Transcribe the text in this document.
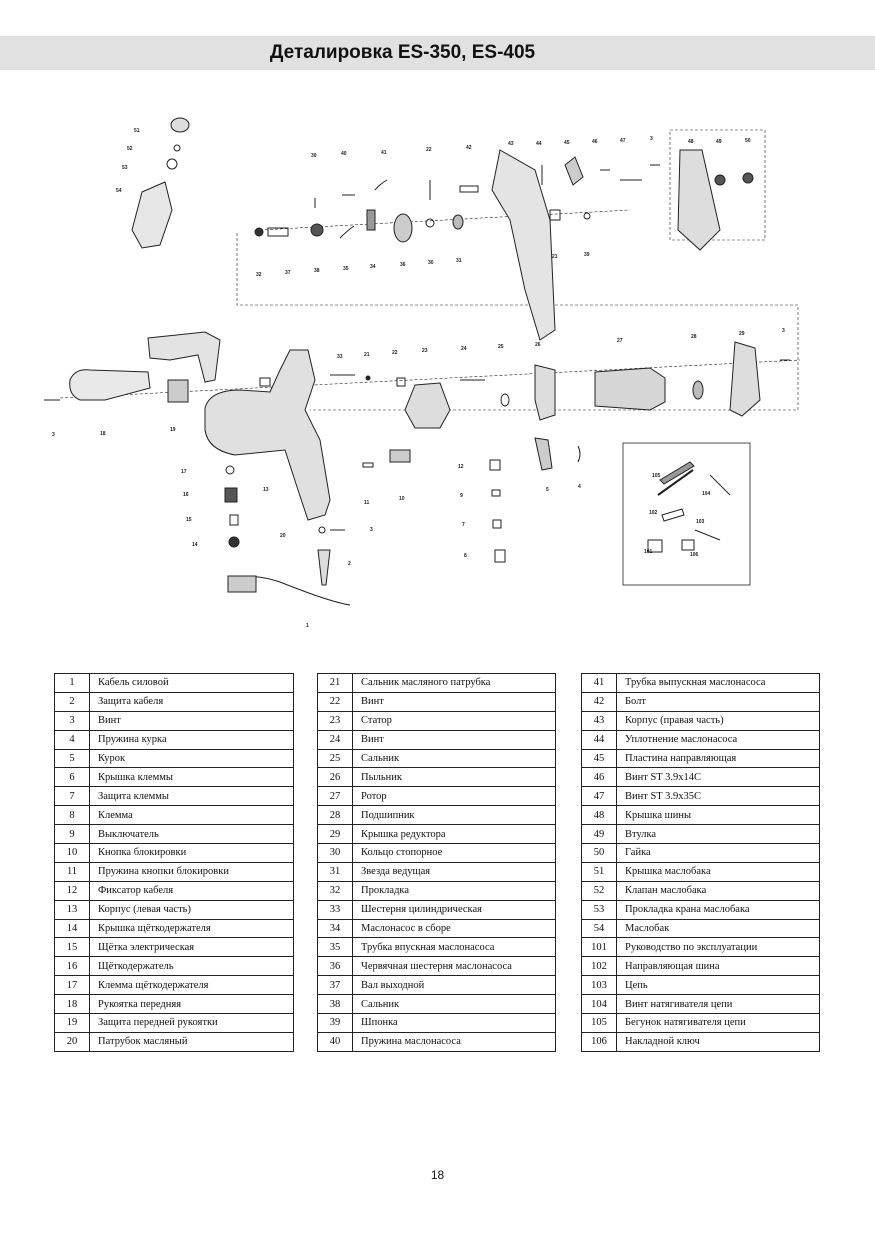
Деталировка ES-350, ES-405
51
52
53
54
30	40	41	22	42
43	44	45	46	47	3	48	49	50
32	37	38	35	34	36	30	31
21	39
33	21	22	23	24	25	26
27
28	29	3
3	18
19
17
16
15
14
13
20
3
2
1
11
10
12
9
7
8
5	4
105
104
102
103
101	106
1	Кабель силовой
2	Защита кабеля
3	Винт
4	Пружина курка
5	Курок
6	Крышка клеммы
7	Защита клеммы
8	Клемма
9	Выключатель
10	Кнопка блокировки
11	Пружина кнопки блокировки
12	Фиксатор кабеля
13	Корпус (левая часть)
14	Крышка щёткодержателя
15	Щётка электрическая
16	Щёткодержатель
17	Клемма щёткодержателя
18	Рукоятка передняя
19	Защита передней рукоятки
20	Патрубок масляный
21	Сальник масляного патрубка
22	Винт
23	Статор
24	Винт
25	Сальник
26	Пыльник
27	Ротор
28	Подшипник
29	Крышка редуктора
30	Кольцо стопорное
31	Звезда ведущая
32	Прокладка
33	Шестерня цилиндрическая
34	Маслонасос в сборе
35	Трубка впускная маслонасоса
36	Червячная шестерня маслонасоса
37	Вал выходной
38	Сальник
39	Шпонка
40	Пружина маслонасоса
41	Трубка выпускная маслонасоса
42	Болт
43	Корпус (правая часть)
44	Уплотнение маслонасоса
45	Пластина направляющая
46	Винт ST 3.9x14C
47	Винт ST 3.9x35C
48	Крышка шины
49	Втулка
50	Гайка
51	Крышка маслобака
52	Клапан маслобака
53	Прокладка крана маслобака
54	Маслобак
101	Руководство по эксплуатации
102	Направляющая шина
103	Цепь
104	Винт натягивателя цепи
105	Бегунок натягивателя цепи
106	Накладной ключ
18
